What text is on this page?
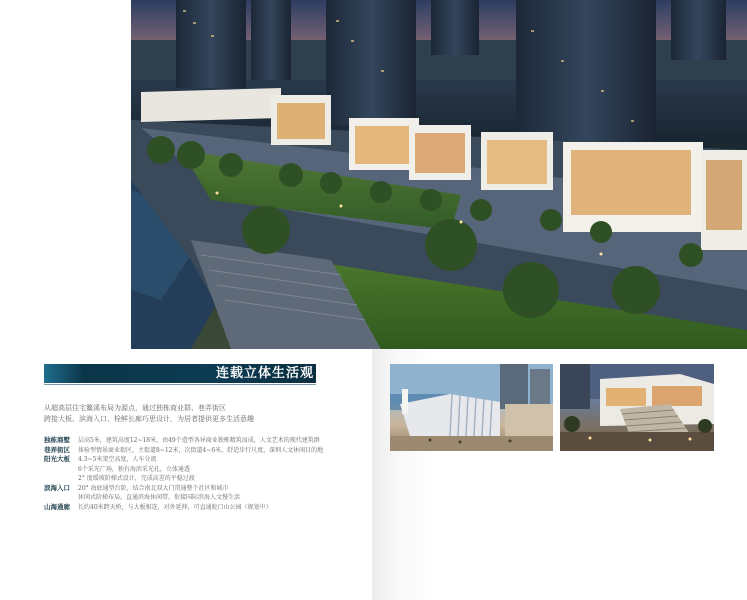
连载立体生活观

从超高层住宅鳌溪布局为源点，通过独栋商业群、巷弄街区

跨接大板、滨海入口、栓鲜长廊巧思设计，为居者提供更多生活意趣

独栋商墅	层高5米，建筑高度12~18米，由49个造型各异商业独栋精筑而成，人文艺术的现代建筑群
巷弄街区	体验型情景商业街区，主街道8~12米，次街道4~6米，舒适步行尺度，深圳人文休闲目的地
阳光大板	4.3~5米架空高度，人车分流
6个采光广场，独有海滨采光孔，立体通透
2° 度缓坡阶梯式设计，完成高差的平稳过渡
滨海入口	20° 海底通型台阶，结合南北双大门贯通整个社区和城市
休闲式阶梯布局，直通滨海休闲带，衔接国际滨海人文慢生活
山海通廊	长约40米跨天桥，与大板相连，对外延伸，可直通蛇口山公园（规划中）
